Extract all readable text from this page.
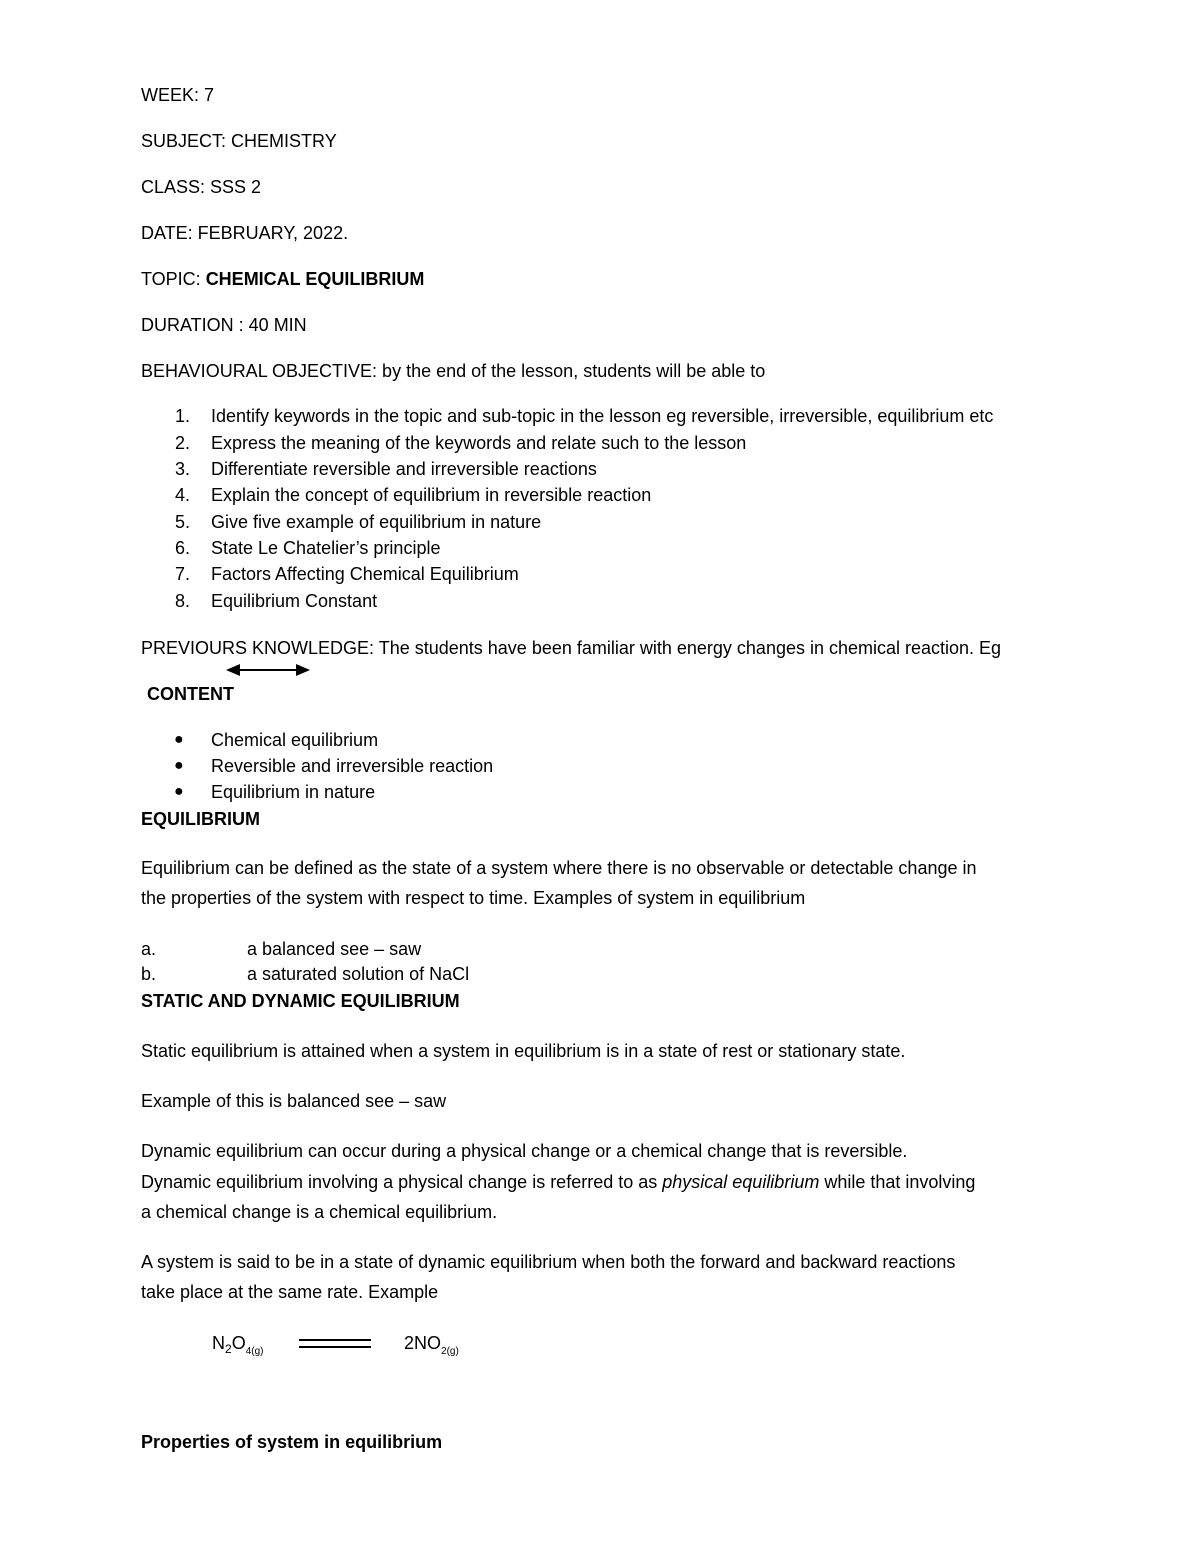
WEEK: 7
SUBJECT: CHEMISTRY
CLASS: SSS 2
DATE: FEBRUARY, 2022.
TOPIC: CHEMICAL EQUILIBRIUM
DURATION : 40 MIN
BEHAVIOURAL OBJECTIVE: by the end of the lesson, students will be able to
1. Identify keywords in the topic and sub-topic in the lesson eg reversible, irreversible, equilibrium etc
2. Express the meaning of the keywords and relate such to the lesson
3. Differentiate reversible and irreversible reactions
4. Explain the concept of equilibrium in reversible reaction
5. Give five example of equilibrium in nature
6. State Le Chatelier’s principle
7. Factors Affecting Chemical Equilibrium
8. Equilibrium Constant
PREVIOURS KNOWLEDGE: The students have been familiar with energy changes in chemical reaction. Eg
CONTENT
● Chemical equilibrium
● Reversible and irreversible reaction
● Equilibrium in nature
EQUILIBRIUM
Equilibrium can be defined as the state of a system where there is no observable or detectable change in
the properties of the system with respect to time. Examples of system in equilibrium
a.	a balanced see – saw
b.	a saturated solution of NaCl
STATIC AND DYNAMIC EQUILIBRIUM
Static equilibrium is attained when a system in equilibrium is in a state of rest or stationary state.
Example of this is balanced see – saw
Dynamic equilibrium can occur during a physical change or a chemical change that is reversible.
Dynamic equilibrium involving a physical change is referred to as physical equilibrium while that involving
a chemical change is a chemical equilibrium.
A system is said to be in a state of dynamic equilibrium when both the forward and backward reactions
take place at the same rate. Example
$N_2O_{4(g)}$	$2NO_{2(g)}$
Properties of system in equilibrium
